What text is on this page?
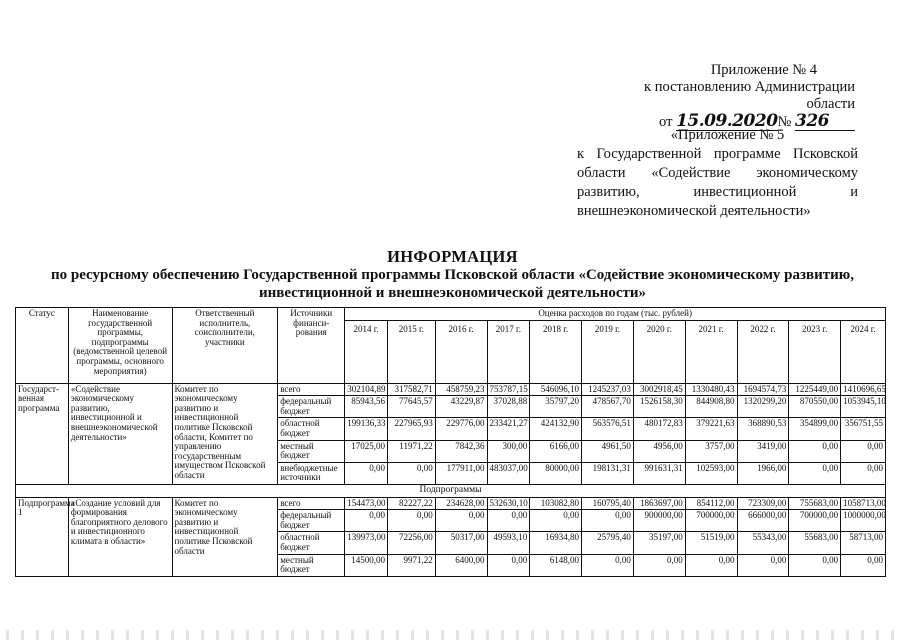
Приложение № 4
к постановлению Администрации области
от 15.09.2020№ 326
«Приложение № 5
к Государственной программе Псковской
области «Содействие экономическому
развитию, инвестиционной и
внешнеэкономической деятельности»
ИНФОРМАЦИЯ
по ресурсному обеспечению Государственной программы Псковской области «Содействие экономическому развитию,
инвестиционной и внешнеэкономической деятельности»
Статус	Наименование государственной программы, подпрограммы (ведомственной целевой программы, основного мероприятия)	Ответственный исполнитель, соисполнители, участники	Источники финанси-рования	Оценка расходов по годам (тыс. рублей)										
				2014 г.	2015 г.	2016 г.	2017 г.	2018 г.	2019 г.	2020 г.	2021 г.	2022 г.	2023 г.	2024 г.
Государст-венная программа	«Содействие экономическому развитию, инвестиционной и внешнеэкономической деятельности»	Комитет по экономическому развитию и инвестиционной политике Псковской области, Комитет по управлению государственным имуществом Псковской области	всего	302104,89	317582,71	458759,23	753787,15	546096,10	1245237,03	3002918,45	1330480,43	1694574,73	1225449,00	1410696,65
			федеральный бюджет	85943,56	77645,57	43229,87	37028,88	35797,20	478567,70	1526158,30	844908,80	1320299,20	870550,00	1053945,10
			областной бюджет	199136,33	227965,93	229776,00	233421,27	424132,90	563576,51	480172,83	379221,63	368890,53	354899,00	356751,55
			местный бюджет	17025,00	11971,22	7842,36	300,00	6166,00	4961,50	4956,00	3757,00	3419,00	0,00	0,00
			внебюджетные источники	0,00	0,00	177911,00	483037,00	80000,00	198131,31	991631,31	102593,00	1966,00	0,00	0,00
Подпрограммы														
Подпрограмма 1	«Создание условий для формирования благоприятного делового и инвестиционного климата в области»	Комитет по экономическому развитию и инвестиционной политике Псковской области	всего	154473,00	82227,22	234628,00	532630,10	103082,80	160795,40	1863697,00	854112,00	723309,00	755683,00	1058713,00
			федеральный бюджет	0,00	0,00	0,00	0,00	0,00	0,00	900000,00	700000,00	666000,00	700000,00	1000000,00
			областной бюджет	139973,00	72256,00	50317,00	49593,10	16934,80	25795,40	35197,00	51519,00	55343,00	55683,00	58713,00
			местный бюджет	14500,00	9971,22	6400,00	0,00	6148,00	0,00	0,00	0,00	0,00	0,00	0,00
